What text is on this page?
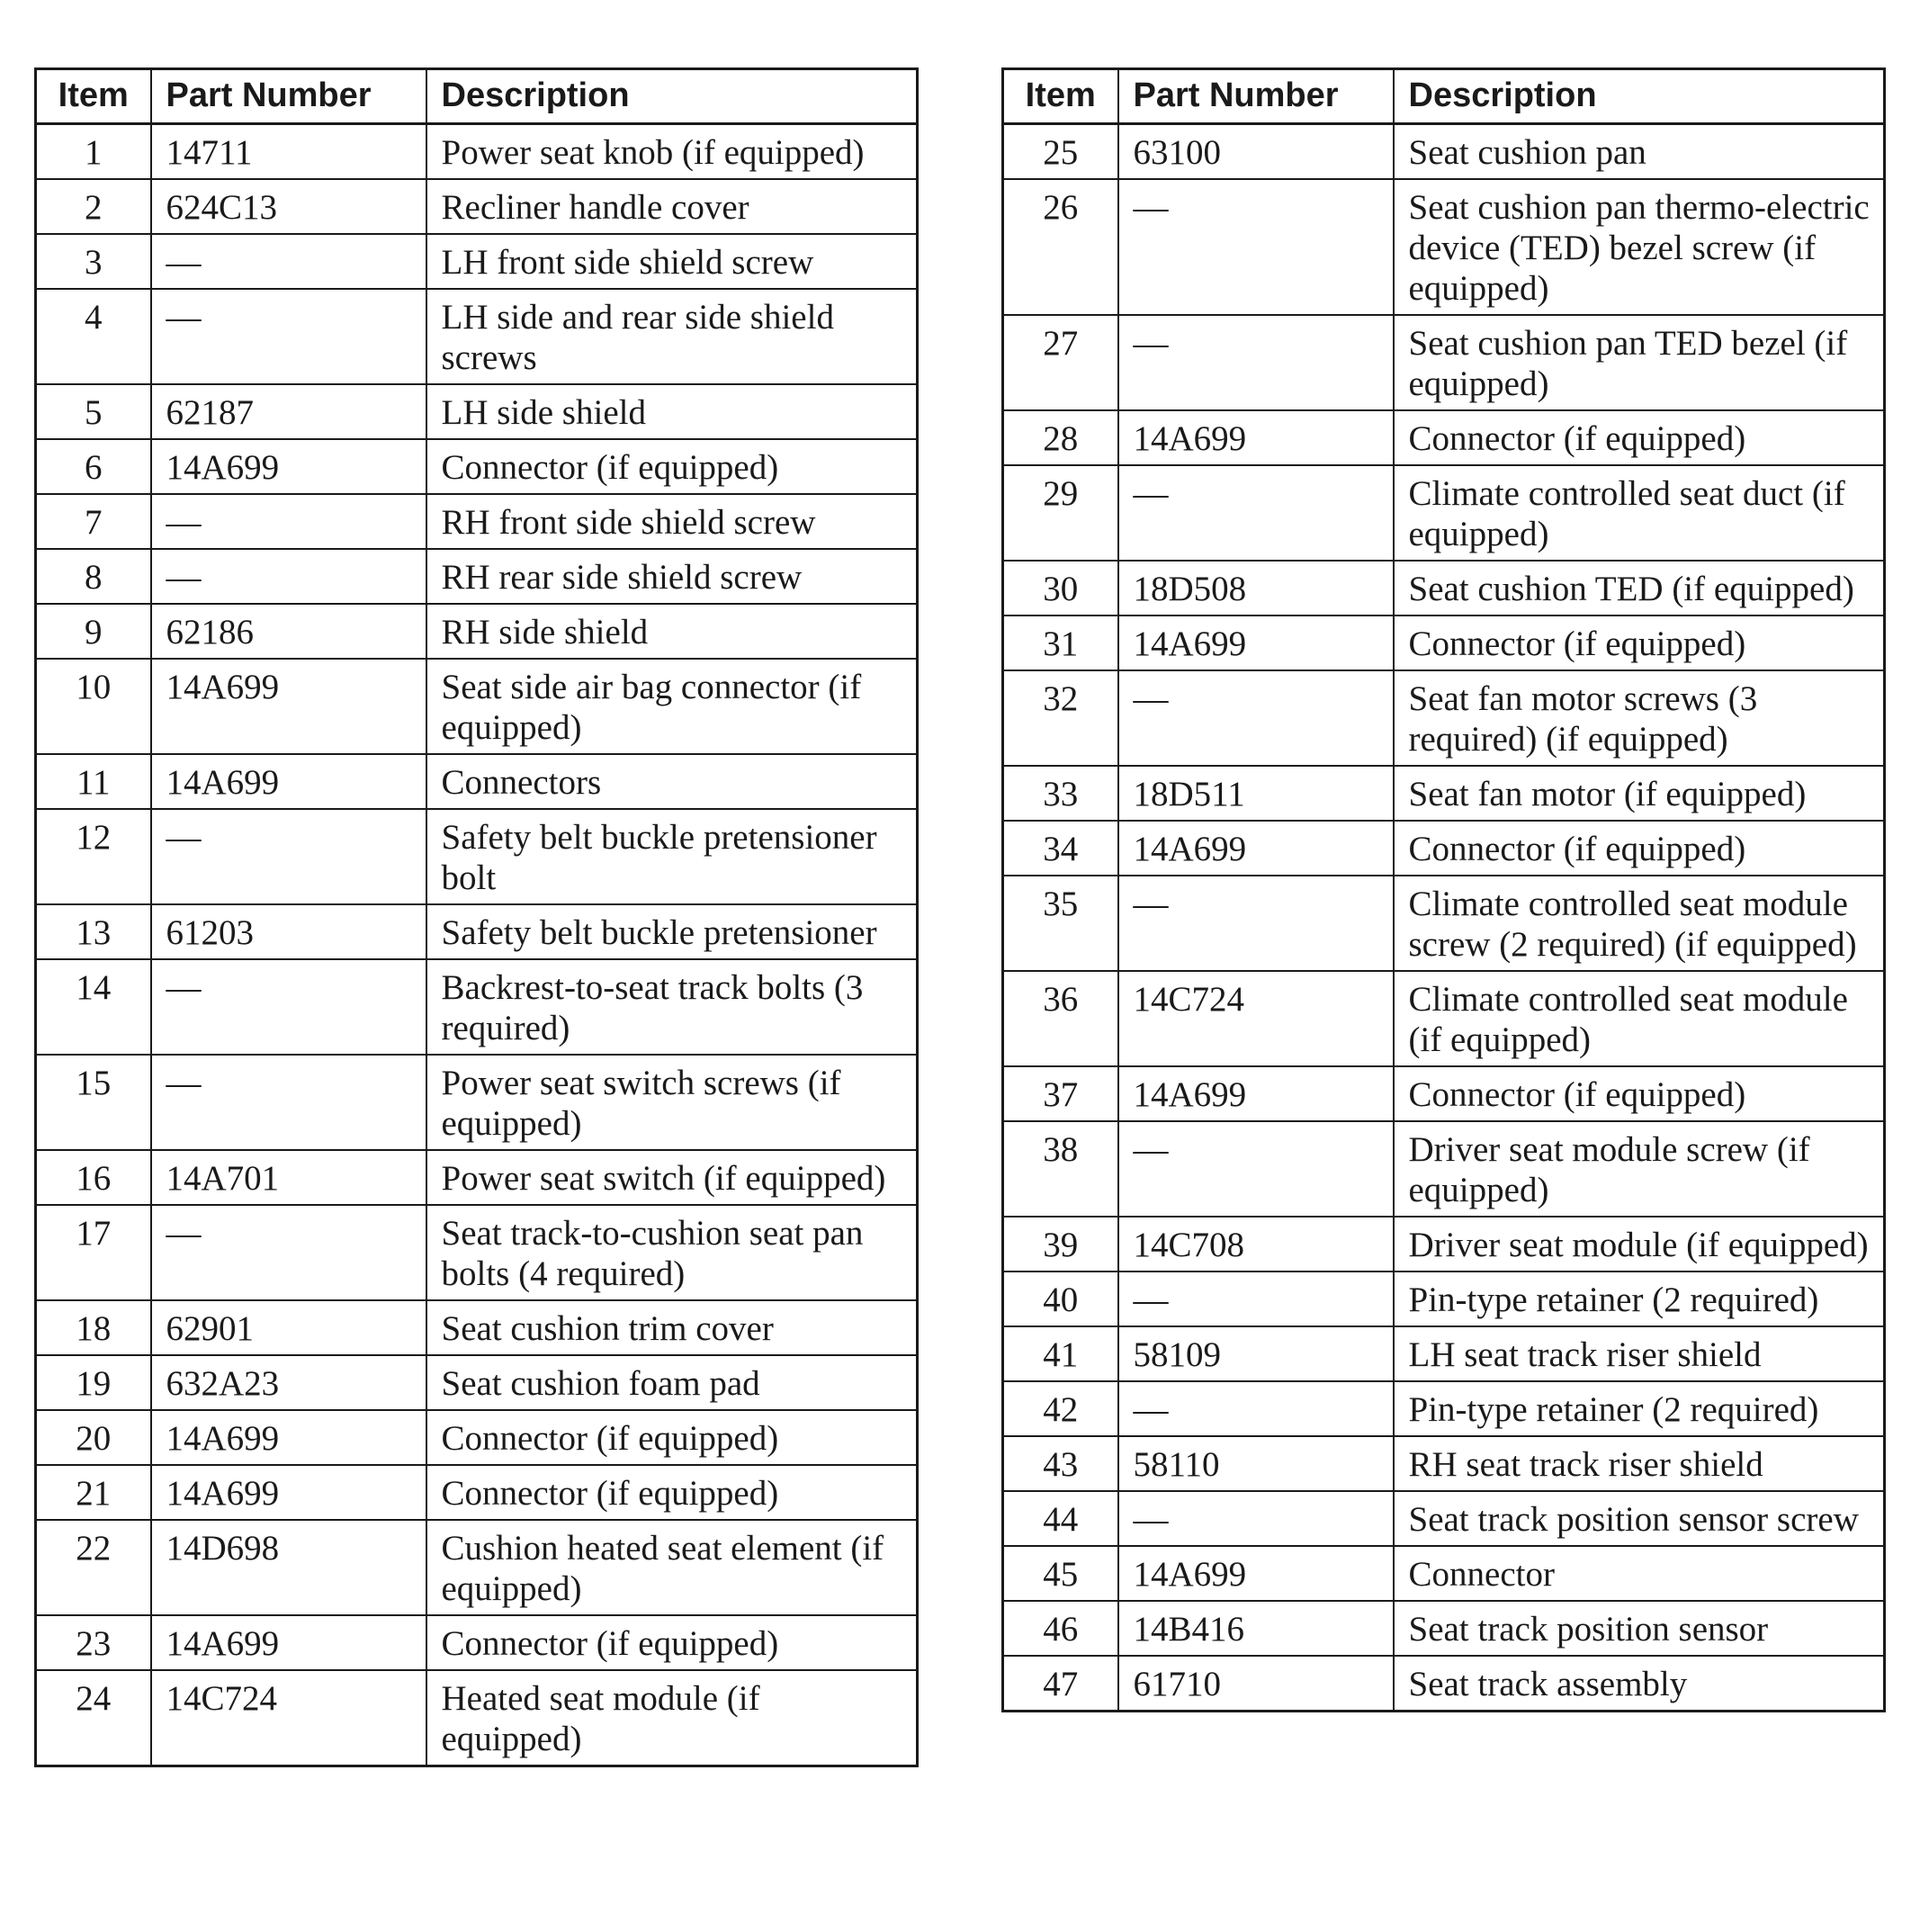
Item	Part Number	Description
1	14711	Power seat knob (if equipped)
2	624C13	Recliner handle cover
3	—	LH front side shield screw
4	—	LH side and rear side shield screws
5	62187	LH side shield
6	14A699	Connector (if equipped)
7	—	RH front side shield screw
8	—	RH rear side shield screw
9	62186	RH side shield
10	14A699	Seat side air bag connector (if equipped)
11	14A699	Connectors
12	—	Safety belt buckle pretensioner bolt
13	61203	Safety belt buckle pretensioner
14	—	Backrest-to-seat track bolts (3 required)
15	—	Power seat switch screws (if equipped)
16	14A701	Power seat switch (if equipped)
17	—	Seat track-to-cushion seat pan bolts (4 required)
18	62901	Seat cushion trim cover
19	632A23	Seat cushion foam pad
20	14A699	Connector (if equipped)
21	14A699	Connector (if equipped)
22	14D698	Cushion heated seat element (if equipped)
23	14A699	Connector (if equipped)
24	14C724	Heated seat module (if equipped)
Item	Part Number	Description
25	63100	Seat cushion pan
26	—	Seat cushion pan thermo-electric device (TED) bezel screw (if equipped)
27	—	Seat cushion pan TED bezel (if equipped)
28	14A699	Connector (if equipped)
29	—	Climate controlled seat duct (if equipped)
30	18D508	Seat cushion TED (if equipped)
31	14A699	Connector (if equipped)
32	—	Seat fan motor screws (3 required) (if equipped)
33	18D511	Seat fan motor (if equipped)
34	14A699	Connector (if equipped)
35	—	Climate controlled seat module screw (2 required) (if equipped)
36	14C724	Climate controlled seat module (if equipped)
37	14A699	Connector (if equipped)
38	—	Driver seat module screw (if equipped)
39	14C708	Driver seat module (if equipped)
40	—	Pin-type retainer (2 required)
41	58109	LH seat track riser shield
42	—	Pin-type retainer (2 required)
43	58110	RH seat track riser shield
44	—	Seat track position sensor screw
45	14A699	Connector
46	14B416	Seat track position sensor
47	61710	Seat track assembly
